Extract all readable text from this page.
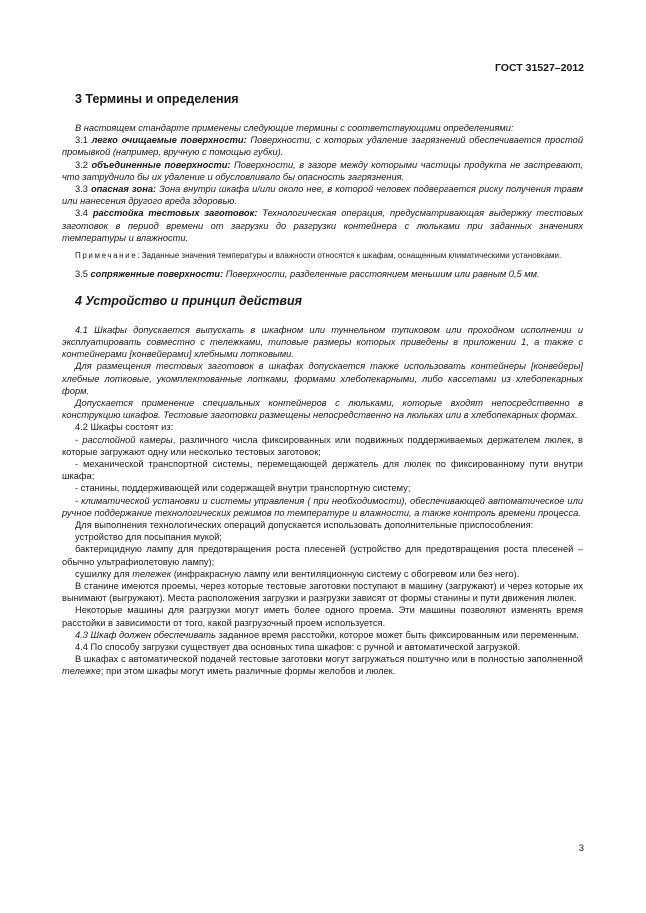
ГОСТ 31527–2012
3 Термины и определения

В настоящем стандарте применены следующие термины с соответствующими определениями:

3.1 легко очищаемые поверхности: Поверхности, с которых удаление загрязнений обеспечивается простой промывкой (например, вручную с помощью губки).

3.2 объединенные поверхности: Поверхности, в зазоре между которыми частицы продукта не застревают, что затруднило бы их удаление и обусловливало бы опасность загрязнения.

3.3 опасная зона: Зона внутри шкафа и/или около нее, в которой человек подвергается риску получения травм или нанесения другого вреда здоровью.

3.4 расстойка тестовых заготовок: Технологическая операция, предусматривающая выдержку тестовых заготовок в период времени от загрузки до разгрузки контейнера с люльками при заданных значениях температуры и влажности.

Примечание: Заданные значения температуры и влажности относятся к шкафам, оснащенным климатическими установками.

3.5 сопряженные поверхности: Поверхности, разделенные расстоянием меньшим или равным 0,5 мм.

4 Устройство и принцип действия

4.1 Шкафы допускается выпускать в шкафном или туннельном тупиковом или проходном исполнении и эксплуатировать совместно с тележками, типовые размеры которых приведены в приложении 1, а также с контейнерами [конвейерами] хлебными лотковыми.

Для размещения тестовых заготовок в шкафах допускается также использовать контейнеры [конвейеры] хлебные лотковые, укомплектованные лотками, формами хлебопекарными, либо кассетами из хлебопекарных форм.

Допускается применение специальных контейнеров с люльками, которые входят непосредственно в конструкцию шкафов. Тестовые заготовки размещены непосредственно на люльках или в хлебопекарных формах.

4.2 Шкафы состоят из:

- расстойной камеры, различного числа фиксированных или подвижных поддерживаемых держателем люлек, в которые загружают одну или несколько тестовых заготовок;

- механической транспортной системы, перемещающей держатель для люлек по фиксированному пути внутри шкафа;

- станины, поддерживающей или содержащей внутри транспортную систему;

- климатической установки и системы управления ( при необходимости), обеспечивающей автоматическое или ручное поддержание технологических режимов по температуре и влажности, а также контроль времени процесса.

Для выполнения технологических операций допускается использовать дополнительные приспособления:

устройство для посыпания мукой;

бактерицидную лампу для предотвращения роста плесеней (устройство для предотвращения роста плесеней – обычно ультрафиолетовую лампу);

сушилку для тележек (инфракрасную лампу или вентиляционную систему с обогревом или без него).

В станине имеются проемы, через которые тестовые заготовки поступают в машину (загружают) и через которые их вынимают (выгружают). Места расположения загрузки и разгрузки зависят от формы станины и пути движения люлек.

Некоторые машины для разгрузки могут иметь более одного проема. Эти машины позволяют изменять время расстойки в зависимости от того, какой разгрузочный проем используется.

4.3 Шкаф должен обеспечивать заданное время расстойки, которое может быть фиксированным или переменным.

4.4 По способу загрузки существует два основных типа шкафов: с ручной и автоматической загрузкой.

В шкафах с автоматической подачей тестовые заготовки могут загружаться поштучно или в полностью заполненной тележке; при этом шкафы могут иметь различные формы желобов и люлек.

3
